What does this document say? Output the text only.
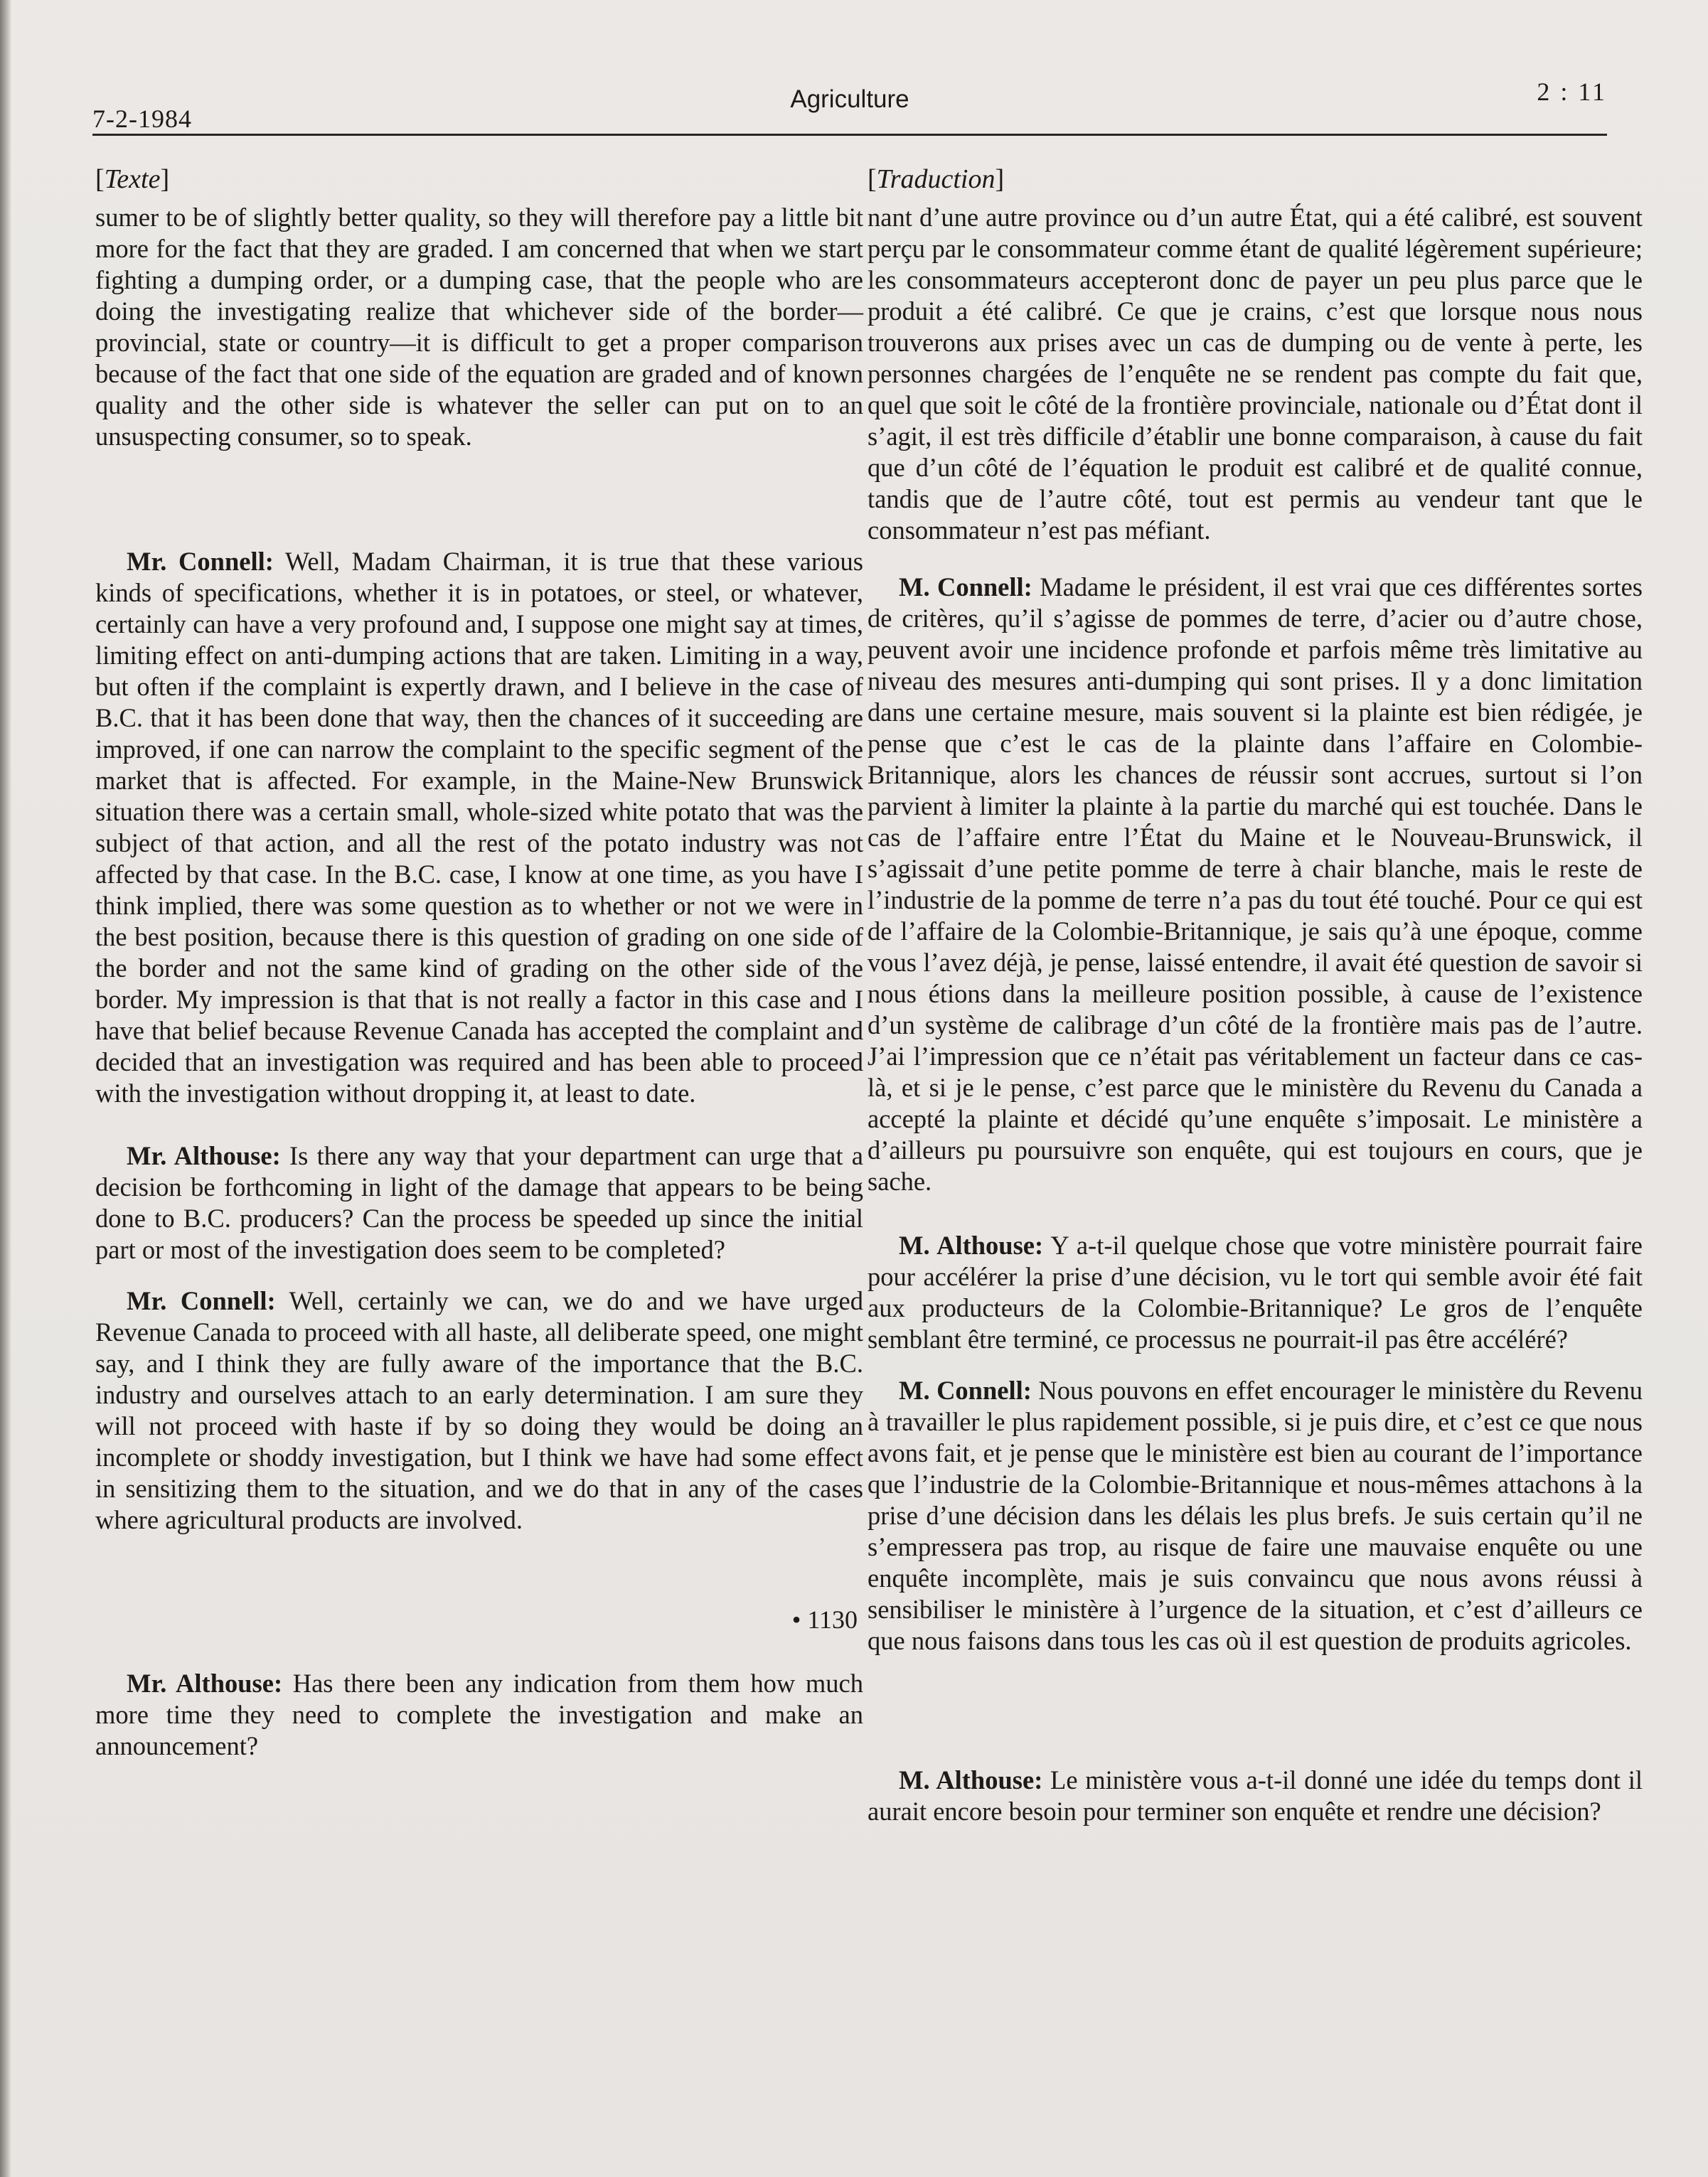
7-2-1984
Agriculture	2 : 11
[Texte]

sumer to be of slightly better quality, so they will therefore pay a little bit more for the fact that they are graded. I am concerned that when we start fighting a dumping order, or a dumping case, that the people who are doing the investigating realize that whichever side of the border—provincial, state or country—it is difficult to get a proper comparison because of the fact that one side of the equation are graded and of known quality and the other side is whatever the seller can put on to an unsuspecting consumer, so to speak.

Mr. Connell: Well, Madam Chairman, it is true that these various kinds of specifications, whether it is in potatoes, or steel, or whatever, certainly can have a very profound and, I suppose one might say at times, limiting effect on anti-dumping actions that are taken. Limiting in a way, but often if the complaint is expertly drawn, and I believe in the case of B.C. that it has been done that way, then the chances of it succeeding are improved, if one can narrow the complaint to the specific segment of the market that is affected. For example, in the Maine-New Brunswick situation there was a certain small, whole-sized white potato that was the subject of that action, and all the rest of the potato industry was not affected by that case. In the B.C. case, I know at one time, as you have I think implied, there was some question as to whether or not we were in the best position, because there is this question of grading on one side of the border and not the same kind of grading on the other side of the border. My impression is that that is not really a factor in this case and I have that belief because Revenue Canada has accepted the complaint and decided that an investigation was required and has been able to proceed with the investigation without dropping it, at least to date.

Mr. Althouse: Is there any way that your department can urge that a decision be forthcoming in light of the damage that appears to be being done to B.C. producers? Can the process be speeded up since the initial part or most of the investigation does seem to be completed?

Mr. Connell: Well, certainly we can, we do and we have urged Revenue Canada to proceed with all haste, all deliberate speed, one might say, and I think they are fully aware of the importance that the B.C. industry and ourselves attach to an early determination. I am sure they will not proceed with haste if by so doing they would be doing an incomplete or shoddy investigation, but I think we have had some effect in sensitizing them to the situation, and we do that in any of the cases where agricultural products are involved.

• 1130

Mr. Althouse: Has there been any indication from them how much more time they need to complete the investigation and make an announcement?

[Traduction]

nant d’une autre province ou d’un autre État, qui a été calibré, est souvent perçu par le consommateur comme étant de qualité légèrement supérieure; les consommateurs accepteront donc de payer un peu plus parce que le produit a été calibré. Ce que je crains, c’est que lorsque nous nous trouverons aux prises avec un cas de dumping ou de vente à perte, les personnes chargées de l’enquête ne se rendent pas compte du fait que, quel que soit le côté de la frontière provinciale, nationale ou d’État dont il s’agit, il est très difficile d’établir une bonne comparaison, à cause du fait que d’un côté de l’équation le produit est calibré et de qualité connue, tandis que de l’autre côté, tout est permis au vendeur tant que le consommateur n’est pas méfiant.

M. Connell: Madame le président, il est vrai que ces différentes sortes de critères, qu’il s’agisse de pommes de terre, d’acier ou d’autre chose, peuvent avoir une incidence profonde et parfois même très limitative au niveau des mesures anti-dumping qui sont prises. Il y a donc limitation dans une certaine mesure, mais souvent si la plainte est bien rédigée, je pense que c’est le cas de la plainte dans l’affaire en Colombie-Britannique, alors les chances de réussir sont accrues, surtout si l’on parvient à limiter la plainte à la partie du marché qui est touchée. Dans le cas de l’affaire entre l’État du Maine et le Nouveau-Brunswick, il s’agissait d’une petite pomme de terre à chair blanche, mais le reste de l’industrie de la pomme de terre n’a pas du tout été touché. Pour ce qui est de l’affaire de la Colombie-Britannique, je sais qu’à une époque, comme vous l’avez déjà, je pense, laissé entendre, il avait été question de savoir si nous étions dans la meilleure position possible, à cause de l’existence d’un système de calibrage d’un côté de la frontière mais pas de l’autre. J’ai l’impression que ce n’était pas véritablement un facteur dans ce cas-là, et si je le pense, c’est parce que le ministère du Revenu du Canada a accepté la plainte et décidé qu’une enquête s’imposait. Le ministère a d’ailleurs pu poursuivre son enquête, qui est toujours en cours, que je sache.

M. Althouse: Y a-t-il quelque chose que votre ministère pourrait faire pour accélérer la prise d’une décision, vu le tort qui semble avoir été fait aux producteurs de la Colombie-Britannique? Le gros de l’enquête semblant être terminé, ce processus ne pourrait-il pas être accéléré?

M. Connell: Nous pouvons en effet encourager le ministère du Revenu à travailler le plus rapidement possible, si je puis dire, et c’est ce que nous avons fait, et je pense que le ministère est bien au courant de l’importance que l’industrie de la Colombie-Britannique et nous-mêmes attachons à la prise d’une décision dans les délais les plus brefs. Je suis certain qu’il ne s’empressera pas trop, au risque de faire une mauvaise enquête ou une enquête incomplète, mais je suis convaincu que nous avons réussi à sensibiliser le ministère à l’urgence de la situation, et c’est d’ailleurs ce que nous faisons dans tous les cas où il est question de produits agricoles.

M. Althouse: Le ministère vous a-t-il donné une idée du temps dont il aurait encore besoin pour terminer son enquête et rendre une décision?
